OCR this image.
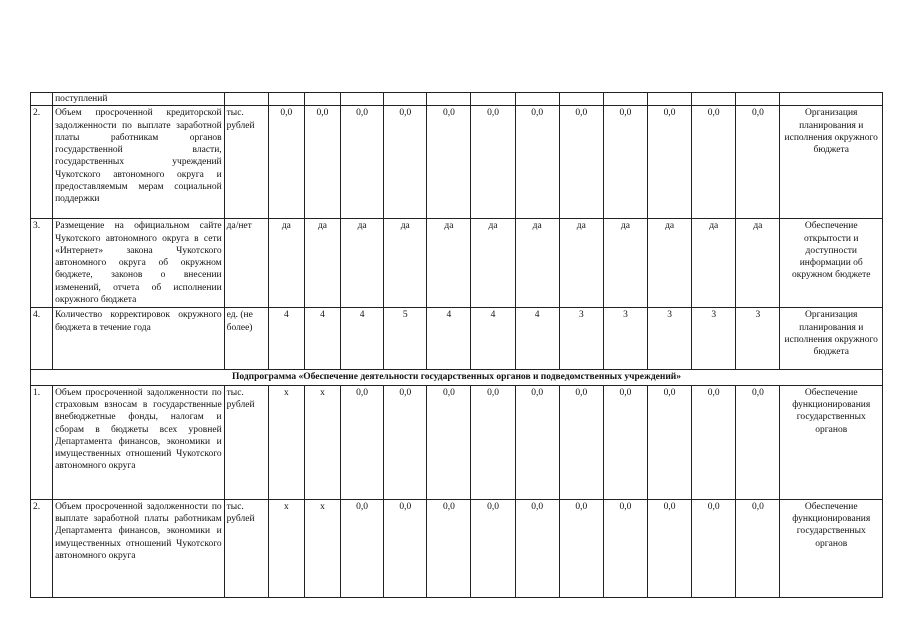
	поступлений														
2.	Объем просроченной кредиторской задолженности по выплате заработной платы работникам органов государственной власти, государственных учреждений Чукотского автономного округа и предоставляемым мерам социальной поддержки	тыс. рублей	0,0	0,0	0,0	0,0	0,0	0,0	0,0	0,0	0,0	0,0	0,0	0,0	Организация планирования и исполнения окружного бюджета
3.	Размещение на официальном сайте Чукотского автономного округа в сети «Интернет» закона Чукотского автономного округа об окружном бюджете, законов о внесении изменений, отчета об исполнении окружного бюджета	да/нет	да	да	да	да	да	да	да	да	да	да	да	да	Обеспечение открытости и доступности информации об окружном бюджете
4.	Количество корректировок окружного бюджета в течение года	ед. (не более)	4	4	4	5	4	4	4	3	3	3	3	3	Организация планирования и исполнения окружного бюджета
Подпрограмма «Обеспечение деятельности государственных органов и подведомственных учреждений»															
1.	Объем просроченной задолженности по страховым взносам в государственные внебюджетные фонды, налогам и сборам в бюджеты всех уровней Департамента финансов, экономики и имущественных отношений Чукотского автономного округа	тыс. рублей	х	х	0,0	0,0	0,0	0,0	0,0	0,0	0,0	0,0	0,0	0,0	Обеспечение функционирования государственных органов
2.	Объем просроченной задолженности по выплате заработной платы работникам Департамента финансов, экономики и имущественных отношений Чукотского автономного округа	тыс. рублей	х	х	0,0	0,0	0,0	0,0	0,0	0,0	0,0	0,0	0,0	0,0	Обеспечение функционирования государственных органов
